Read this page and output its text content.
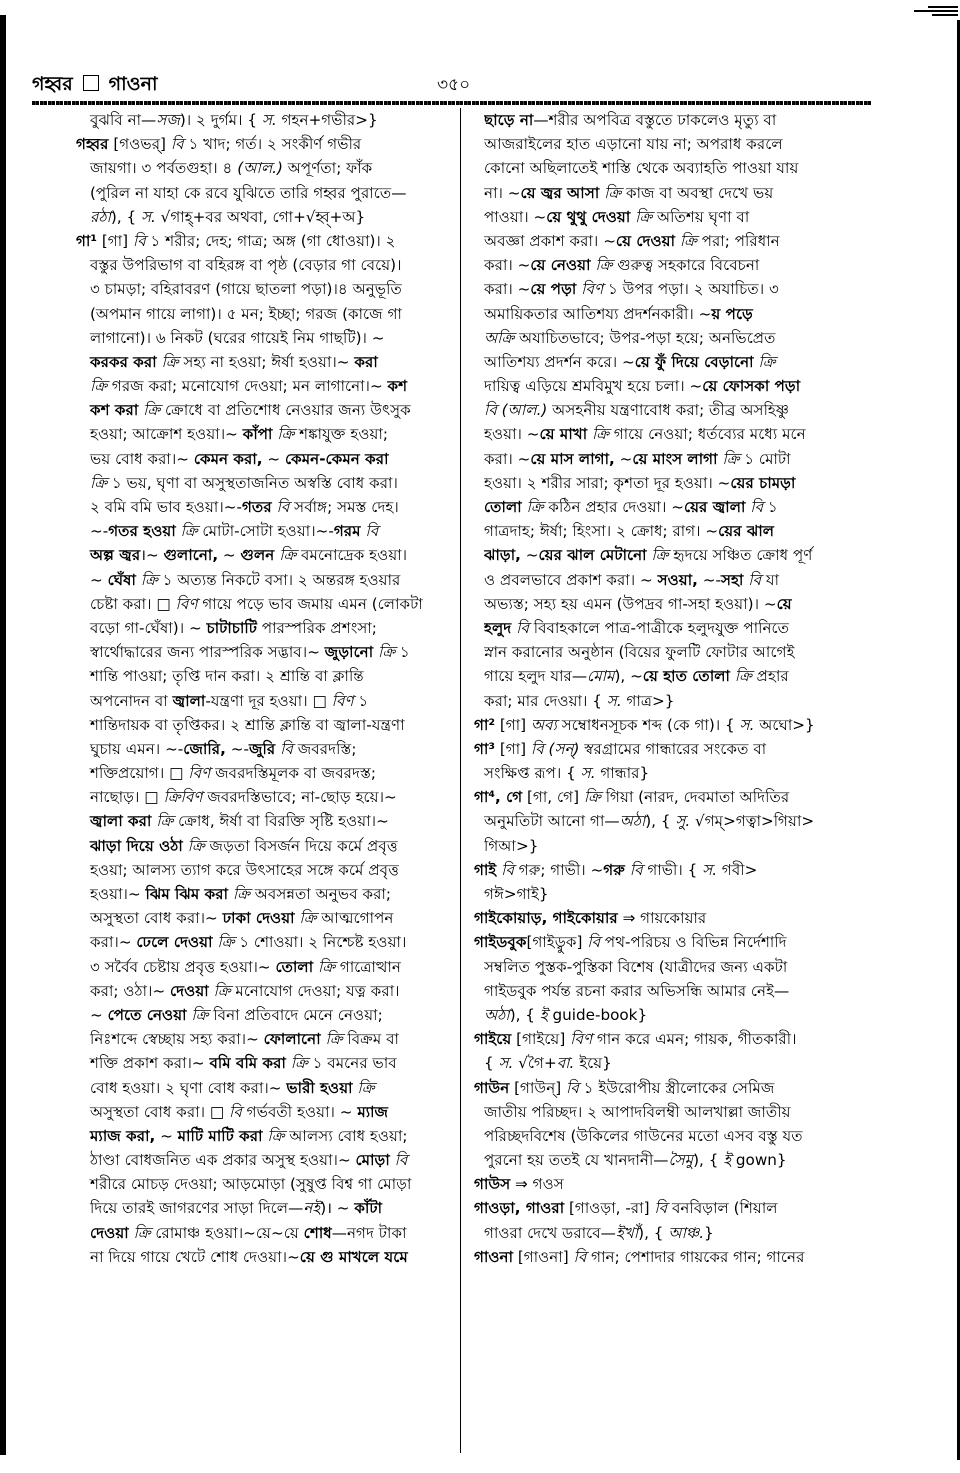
গহ্বর গাওনা	৩৫০
বুঝবি না—সজ)। ২ দুর্গম। { স. গহন+গভীর>}
গহ্বর [গওভর্] বি ১ খাদ; গর্ত। ২ সংকীর্ণ গভীর
জায়গা। ৩ পর্বতগুহা। ৪ (আল.) অপূর্ণতা; ফাঁক
(পুরিল না যাহা কে রবে যুঝিতে তারি গহ্বর পুরাতে—
রঠা), { স. √গাহ্+বর অথবা, গো+√হ্ব্+অ}
গা¹ [গা] বি ১ শরীর; দেহ; গাত্র; অঙ্গ (গা ধোওয়া)। ২
বস্তুর উপরিভাগ বা বহিরঙ্গ বা পৃষ্ঠ (বেড়ার গা বেয়ে)।
৩ চামড়া; বহিরাবরণ (গায়ে ছাতলা পড়া)।৪ অনুভূতি
(অপমান গায়ে লাগা)। ৫ মন; ইচ্ছা; গরজ (কাজে গা
লাগানো)। ৬ নিকট (ঘরের গায়েই নিম গাছটি)। ~
করকর করা ক্রি সহ্য না হওয়া; ঈর্ষা হওয়া।~ করা
ক্রি গরজ করা; মনোযোগ দেওয়া; মন লাগানো।~ কশ
কশ করা ক্রি ক্রোধে বা প্রতিশোধ নেওয়ার জন্য উৎসুক
হওয়া; আক্রোশ হওয়া।~ কাঁপা ক্রি শঙ্কাযুক্ত হওয়া;
ভয় বোধ করা।~ কেমন করা, ~ কেমন-কেমন করা
ক্রি ১ ভয়, ঘৃণা বা অসুস্থতাজনিত অস্বস্তি বোধ করা।
২ বমি বমি ভাব হওয়া।~-গতর বি সর্বাঙ্গ; সমস্ত দেহ।
~-গতর হওয়া ক্রি মোটা-সোটা হওয়া।~-গরম বি
অল্প জ্বর।~ গুলানো, ~ গুলন ক্রি বমনোদ্রেক হওয়া।
~ ঘেঁষা ক্রি ১ অত্যন্ত নিকটে বসা। ২ অন্তরঙ্গ হওয়ার
চেষ্টা করা। □ বিণ গায়ে পড়ে ভাব জমায় এমন (লোকটা
বড়ো গা-ঘেঁষা)। ~ চাটাচাটি পারস্পরিক প্রশংসা;
স্বার্থোদ্ধারের জন্য পারস্পরিক সদ্ভাব।~ জুড়ানো ক্রি ১
শান্তি পাওয়া; তৃপ্তি দান করা। ২ শ্রান্তি বা ক্লান্তি
অপনোদন বা জ্বালা-যন্ত্রণা দূর হওয়া। □ বিণ ১
শান্তিদায়ক বা তৃপ্তিকর। ২ শ্রান্তি ক্লান্তি বা জ্বালা-যন্ত্রণা
ঘুচায় এমন। ~-জোরি, ~-জুরি বি জবরদস্তি;
শক্তিপ্রয়োগ। □ বিণ জবরদস্তিমূলক বা জবরদস্ত;
নাছোড়। □ ক্রিবিণ জবরদস্তিভাবে; না-ছোড় হয়ে।~
জ্বালা করা ক্রি ক্রোধ, ঈর্ষা বা বিরক্তি সৃষ্টি হওয়া।~
ঝাড়া দিয়ে ওঠা ক্রি জড়তা বিসর্জন দিয়ে কর্মে প্রবৃত্ত
হওয়া; আলস্য ত্যাগ করে উৎসাহের সঙ্গে কর্মে প্রবৃত্ত
হওয়া।~ ঝিম ঝিম করা ক্রি অবসন্নতা অনুভব করা;
অসুস্থতা বোধ করা।~ ঢাকা দেওয়া ক্রি আত্মগোপন
করা।~ ঢেলে দেওয়া ক্রি ১ শোওয়া। ২ নিশ্চেষ্ট হওয়া।
৩ সর্বৈব চেষ্টায় প্রবৃত্ত হওয়া।~ তোলা ক্রি গাত্রোত্থান
করা; ওঠা।~ দেওয়া ক্রি মনোযোগ দেওয়া; যত্ন করা।
~ পেতে নেওয়া ক্রি বিনা প্রতিবাদে মেনে নেওয়া;
নিঃশব্দে স্বেচ্ছায় সহ্য করা।~ ফোলানো ক্রি বিক্রম বা
শক্তি প্রকাশ করা।~ বমি বমি করা ক্রি ১ বমনের ভাব
বোধ হওয়া। ২ ঘৃণা বোধ করা।~ ভারী হওয়া ক্রি
অসুস্থতা বোধ করা। □ বি গর্ভবতী হওয়া। ~ ম্যাজ
ম্যাজ করা, ~ মাটি মাটি করা ক্রি আলস্য বোধ হওয়া;
ঠাণ্ডা বোধজনিত এক প্রকার অসুস্থ হওয়া।~ মোড়া বি
শরীরে মোচড় দেওয়া; আড়মোড়া (সুষুপ্ত বিশ্ব গা মোড়া
দিয়ে তারই জাগরণের সাড়া দিলে—নই)। ~ কাঁটা
দেওয়া ক্রি রোমাঞ্চ হওয়া।~য়ে~য়ে শোধ—নগদ টাকা
না দিয়ে গায়ে খেটে শোধ দেওয়া।~য়ে গু মাখলে যমে
ছাড়ে না—শরীর অপবিত্র বস্তুতে ঢাকলেও মৃত্যু বা
আজরাইলের হাত এড়ানো যায় না; অপরাধ করলে
কোনো অছিলাতেই শাস্তি থেকে অব্যাহতি পাওয়া যায়
না। ~য়ে জ্বর আসা ক্রি কাজ বা অবস্থা দেখে ভয়
পাওয়া। ~য়ে থুথু দেওয়া ক্রি অতিশয় ঘৃণা বা
অবজ্ঞা প্রকাশ করা। ~য়ে দেওয়া ক্রি পরা; পরিধান
করা। ~য়ে নেওয়া ক্রি গুরুত্ব সহকারে বিবেচনা
করা। ~য়ে পড়া বিণ ১ উপর পড়া। ২ অযাচিত। ৩
অমায়িকতার আতিশয্য প্রদর্শনকারী। ~য় পড়ে
অক্রি অযাচিতভাবে; উপর-পড়া হয়ে; অনভিপ্রেত
আতিশয্য প্রদর্শন করে। ~য়ে ফুঁ দিয়ে বেড়ানো ক্রি
দায়িত্ব এড়িয়ে শ্রমবিমুখ হয়ে চলা। ~য়ে ফোসকা পড়া
বি (আল.) অসহনীয় যন্ত্রণাবোধ করা; তীব্র অসহিষ্ণু
হওয়া। ~য়ে মাখা ক্রি গায়ে নেওয়া; ধর্তব্যের মধ্যে মনে
করা। ~য়ে মাস লাগা, ~য়ে মাংস লাগা ক্রি ১ মোটা
হওয়া। ২ শরীর সারা; কৃশতা দূর হওয়া। ~য়ের চামড়া
তোলা ক্রি কঠিন প্রহার দেওয়া। ~য়ের জ্বালা বি ১
গাত্রদাহ; ঈর্ষা; হিংসা। ২ ক্রোধ; রাগ। ~য়ের ঝাল
ঝাড়া, ~য়ের ঝাল মেটানো ক্রি হৃদয়ে সঞ্চিত ক্রোধ পূর্ণ
ও প্রবলভাবে প্রকাশ করা। ~ সওয়া, ~-সহা বি যা
অভ্যস্ত; সহ্য হয় এমন (উপদ্রব গা-সহা হওয়া)। ~য়ে
হলুদ বি বিবাহকালে পাত্র-পাত্রীকে হলুদযুক্ত পানিতে
স্নান করানোর অনুষ্ঠান (বিয়ের ফুলটি ফোটার আগেই
গায়ে হলুদ যার—মোম), ~য়ে হাত তোলা ক্রি প্রহার
করা; মার দেওয়া। { স. গাত্র>}
গা² [গা] অব্য সম্বোধনসূচক শব্দ (কে গা)। { স. অঘো>}
গা³ [গা] বি (সন্) স্বরগ্রামের গান্ধারের সংকেত বা
সংক্ষিপ্ত রূপ। { স. গান্ধার}
গা⁴, গে [গা, গে] ক্রি গিয়া (নারদ, দেবমাতা অদিতির
অনুমতিটা আনো গা—অঠা), { সু. √গম্>গত্বা>গিয়া>
গিআ>}
গাই বি গরু; গাভী। ~গরু বি গাভী। { স. গবী>
গঈ>গাই}
গাইকোয়াড়, গাইকোয়ার ⇒ গায়কোয়ার
গাইডবুক[গাইড্বুক] বি পথ-পরিচয় ও বিভিন্ন নির্দেশাদি
সম্বলিত পুস্তক-পুস্তিকা বিশেষ (যাত্রীদের জন্য একটা
গাইডবুক পর্যন্ত রচনা করার অভিসন্ধি আমার নেই—
অঠা), { ই guide-book}
গাইয়ে [গাইয়ে] বিণ গান করে এমন; গায়ক, গীতকারী।
{ স. √গৈ+বা. ইয়ে}
গাউন [গাউন্] বি ১ ইউরোপীয় স্ত্রীলোকের সেমিজ
জাতীয় পরিচ্ছদ। ২ আপাদবিলম্বী আলখাল্লা জাতীয়
পরিচ্ছদবিশেষ (উকিলের গাউনের মতো এসব বস্তু যত
পুরনো হয় ততই যে খানদানী—সৈমু), { ই gown}
গাউস ⇒ গওস
গাওড়া, গাওরা [গাওড়া, -রা] বি বনবিড়াল (শিয়াল
গাওরা দেখে ডরাবে—ইখাঁ), { আঞ্চ.}
গাওনা [গাওনা] বি গান; পেশাদার গায়কের গান; গানের
